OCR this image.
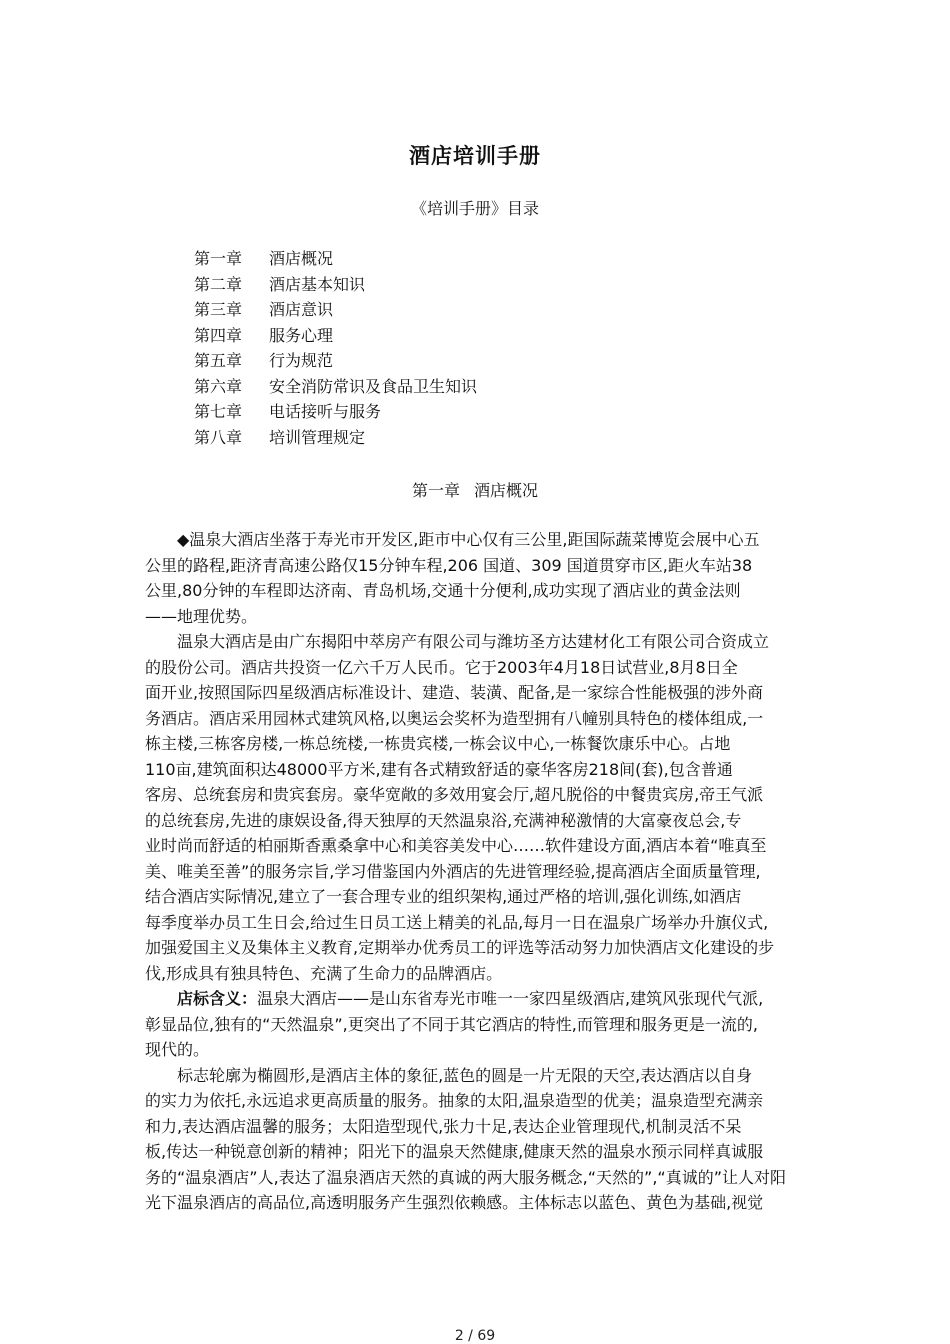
酒店培训手册
《培训手册》目录
第一章 酒店概况
第二章 酒店基本知识
第三章 酒店意识
第四章 服务心理
第五章 行为规范
第六章 安全消防常识及食品卫生知识
第七章 电话接听与服务
第八章 培训管理规定
第一章 酒店概况
◆温泉大酒店坐落于寿光市开发区,距市中心仅有三公里,距国际蔬菜博览会展中心五
公里的路程,距济青高速公路仅15分钟车程,206 国道、309 国道贯穿市区,距火车站38
公里,80分钟的车程即达济南、青岛机场,交通十分便利,成功实现了酒店业的黄金法则
——地理优势。
温泉大酒店是由广东揭阳中萃房产有限公司与潍坊圣方达建材化工有限公司合资成立
的股份公司。酒店共投资一亿六千万人民币。它于2003年4月18日试营业,8月8日全
面开业,按照国际四星级酒店标准设计、建造、装潢、配备,是一家综合性能极强的涉外商
务酒店。酒店采用园林式建筑风格,以奥运会奖杯为造型拥有八幢别具特色的楼体组成,一
栋主楼,三栋客房楼,一栋总统楼,一栋贵宾楼,一栋会议中心,一栋餐饮康乐中心。占地
110亩,建筑面积达48000平方米,建有各式精致舒适的豪华客房218间(套),包含普通
客房、总统套房和贵宾套房。豪华宽敞的多效用宴会厅,超凡脱俗的中餐贵宾房,帝王气派
的总统套房,先进的康娱设备,得天独厚的天然温泉浴,充满神秘激情的大富豪夜总会,专
业时尚而舒适的柏丽斯香熏桑拿中心和美容美发中心……软件建设方面,酒店本着“唯真至
美、唯美至善”的服务宗旨,学习借鉴国内外酒店的先进管理经验,提高酒店全面质量管理,
结合酒店实际情况,建立了一套合理专业的组织架构,通过严格的培训,强化训练,如酒店
每季度举办员工生日会,给过生日员工送上精美的礼品,每月一日在温泉广场举办升旗仪式,
加强爱国主义及集体主义教育,定期举办优秀员工的评选等活动努力加快酒店文化建设的步
伐,形成具有独具特色、充满了生命力的品牌酒店。
店标含义：温泉大酒店——是山东省寿光市唯一一家四星级酒店,建筑风张现代气派,
彰显品位,独有的“天然温泉”,更突出了不同于其它酒店的特性,而管理和服务更是一流的,
现代的。
标志轮廓为椭圆形,是酒店主体的象征,蓝色的圆是一片无限的天空,表达酒店以自身
的实力为依托,永远追求更高质量的服务。抽象的太阳,温泉造型的优美；温泉造型充满亲
和力,表达酒店温馨的服务；太阳造型现代,张力十足,表达企业管理现代,机制灵活不呆
板,传达一种锐意创新的精神；阳光下的温泉天然健康,健康天然的温泉水预示同样真诚服
务的“温泉酒店”人,表达了温泉酒店天然的真诚的两大服务概念,“天然的”,“真诚的”让人对阳
光下温泉酒店的高品位,高透明服务产生强烈依赖感。主体标志以蓝色、黄色为基础,视觉
2 / 69
